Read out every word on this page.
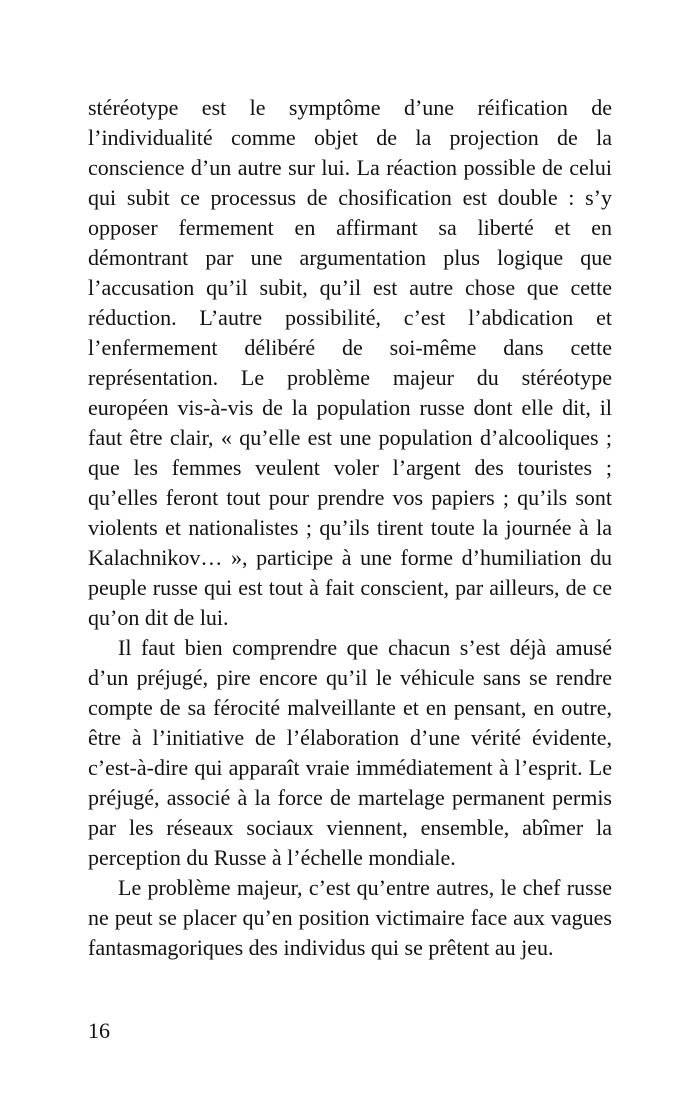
stéréotype est le symptôme d’une réification de
l’individualité comme objet de la projection de la
conscience d’un autre sur lui. La réaction possible de celui
qui subit ce processus de chosification est double : s’y
opposer fermement en affirmant sa liberté et en
démontrant par une argumentation plus logique que
l’accusation qu’il subit, qu’il est autre chose que cette
réduction. L’autre possibilité, c’est l’abdication et
l’enfermement délibéré de soi-même dans cette
représentation. Le problème majeur du stéréotype
européen vis-à-vis de la population russe dont elle dit, il
faut être clair, « qu’elle est une population d’alcooliques ;
que les femmes veulent voler l’argent des touristes ;
qu’elles feront tout pour prendre vos papiers ; qu’ils sont
violents et nationalistes ; qu’ils tirent toute la journée à la
Kalachnikov… », participe à une forme d’humiliation du
peuple russe qui est tout à fait conscient, par ailleurs, de ce
qu’on dit de lui.
Il faut bien comprendre que chacun s’est déjà amusé
d’un préjugé, pire encore qu’il le véhicule sans se rendre
compte de sa férocité malveillante et en pensant, en outre,
être à l’initiative de l’élaboration d’une vérité évidente,
c’est-à-dire qui apparaît vraie immédiatement à l’esprit. Le
préjugé, associé à la force de martelage permanent permis
par les réseaux sociaux viennent, ensemble, abîmer la
perception du Russe à l’échelle mondiale.
Le problème majeur, c’est qu’entre autres, le chef russe
ne peut se placer qu’en position victimaire face aux vagues
fantasmagoriques des individus qui se prêtent au jeu.
16
